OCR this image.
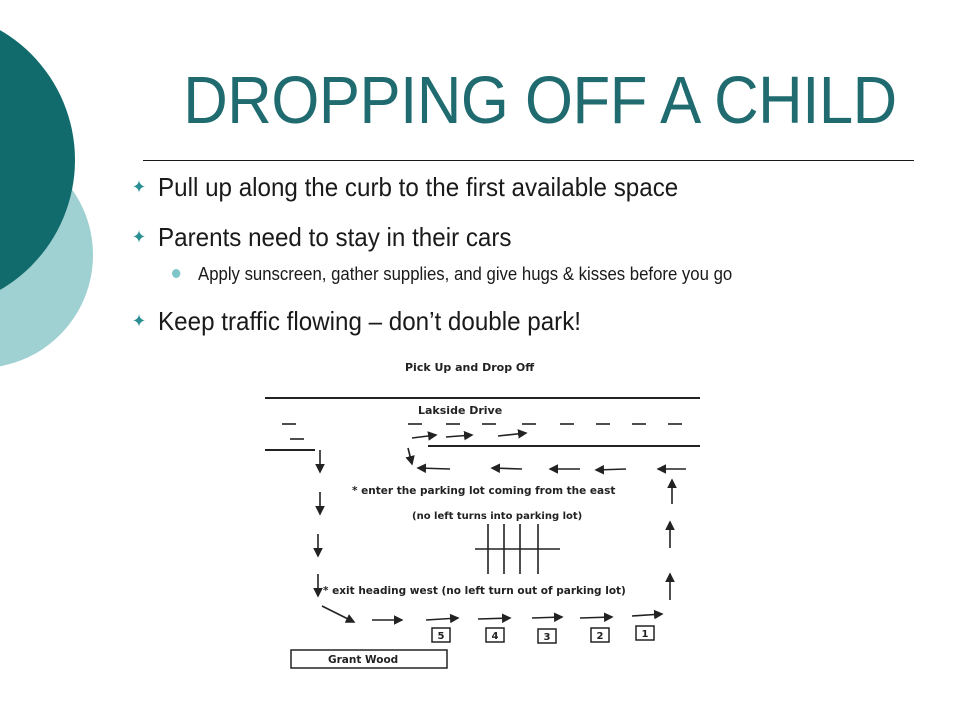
DROPPING OFF A CHILD
✦ Pull up along the curb to the first available space
✦ Parents need to stay in their cars
Apply sunscreen, gather supplies, and give hugs & kisses before you go
✦ Keep traffic flowing – don’t double park!
Pick Up and Drop Off
Lakside Drive
* enter the parking lot coming from the east
(no left turns into parking lot)
* exit heading west (no left turn out of parking lot)
5	4	3	2	1
Grant Wood
